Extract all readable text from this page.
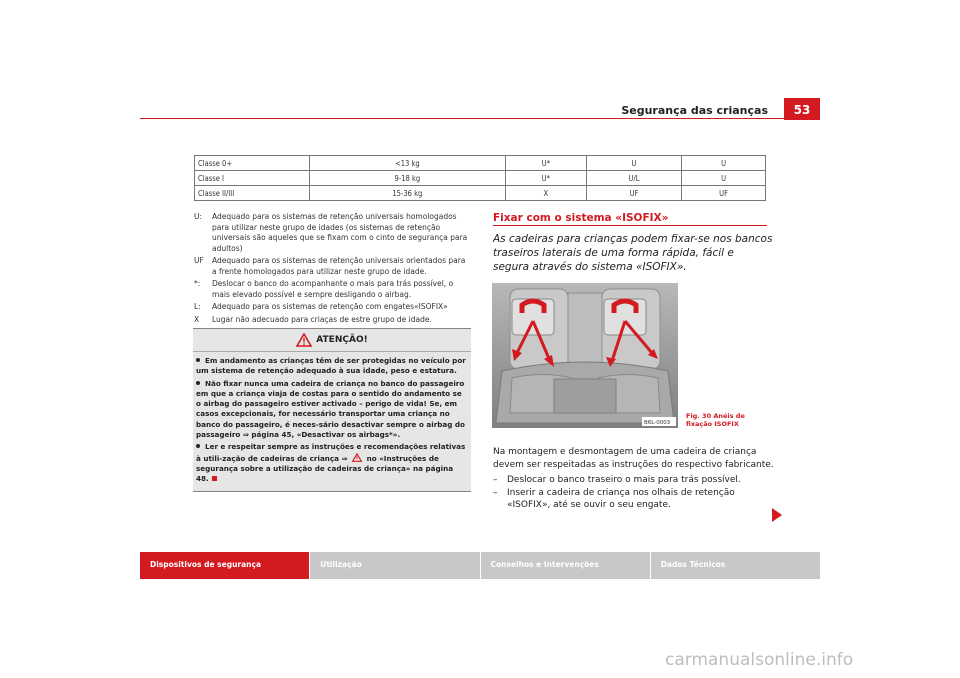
Segurança das crianças	53
Classe 0+	<13 kg	U*	U	U
Classe I	9-18 kg	U*	U/L	U
Classe II/III	15-36 kg	X	UF	UF
U:	Adequado para os sistemas de retenção universais homologados para utilizar neste grupo de idades (os sistemas de retenção universais são aqueles que se fixam com o cinto de segurança para adultos)
UF	Adequado para os sistemas de retenção universais orientados para a frente homologados para utilizar neste grupo de idade.
*:	Deslocar o banco do acompanhante o mais para trás possível, o mais elevado possível e sempre desligando o airbag.
L:	Adequado para os sistemas de retenção com engates«ISOFIX»
X	Lugar não adecuado para criaças de estre grupo de idade.
ATENÇÃO!

Em andamento as crianças têm de ser protegidas no veículo por um sistema de retenção adequado à sua idade, peso e estatura.

Não fixar nunca uma cadeira de criança no banco do passageiro em que a criança viaja de costas para o sentido do andamento se o airbag do passageiro estiver activado – perigo de vida! Se, em casos excepcionais, for necessário transportar uma criança no banco do passageiro, é neces-sário desactivar sempre o airbag do passageiro ⇒ página 45, «Desactivar os airbags*».

Ler e respeitar sempre as instruções e recomendações relativas à utili-zação de cadeiras de criança ⇒	no «Instruções de segurança sobre a utilização de cadeiras de criança» na página 48.

Fixar com o sistema «ISOFIX»
As cadeiras para crianças podem fixar-se nos bancos traseiros laterais de uma forma rápida, fácil e segura através do sistema «ISOFIX».
B6L-0003
Fig. 30 Anéis de fixação ISOFIX

Na montagem e desmontagem de uma cadeira de criança devem ser respeitadas as instruções do respectivo fabricante.

–	Deslocar o banco traseiro o mais para trás possível.
–	Inserir a cadeira de criança nos olhais de retenção «ISOFIX», até se ouvir o seu engate.
Dispositivos de segurança	Utilização	Conselhos e Intervenções	Dados Técnicos
carmanualsonline.info
